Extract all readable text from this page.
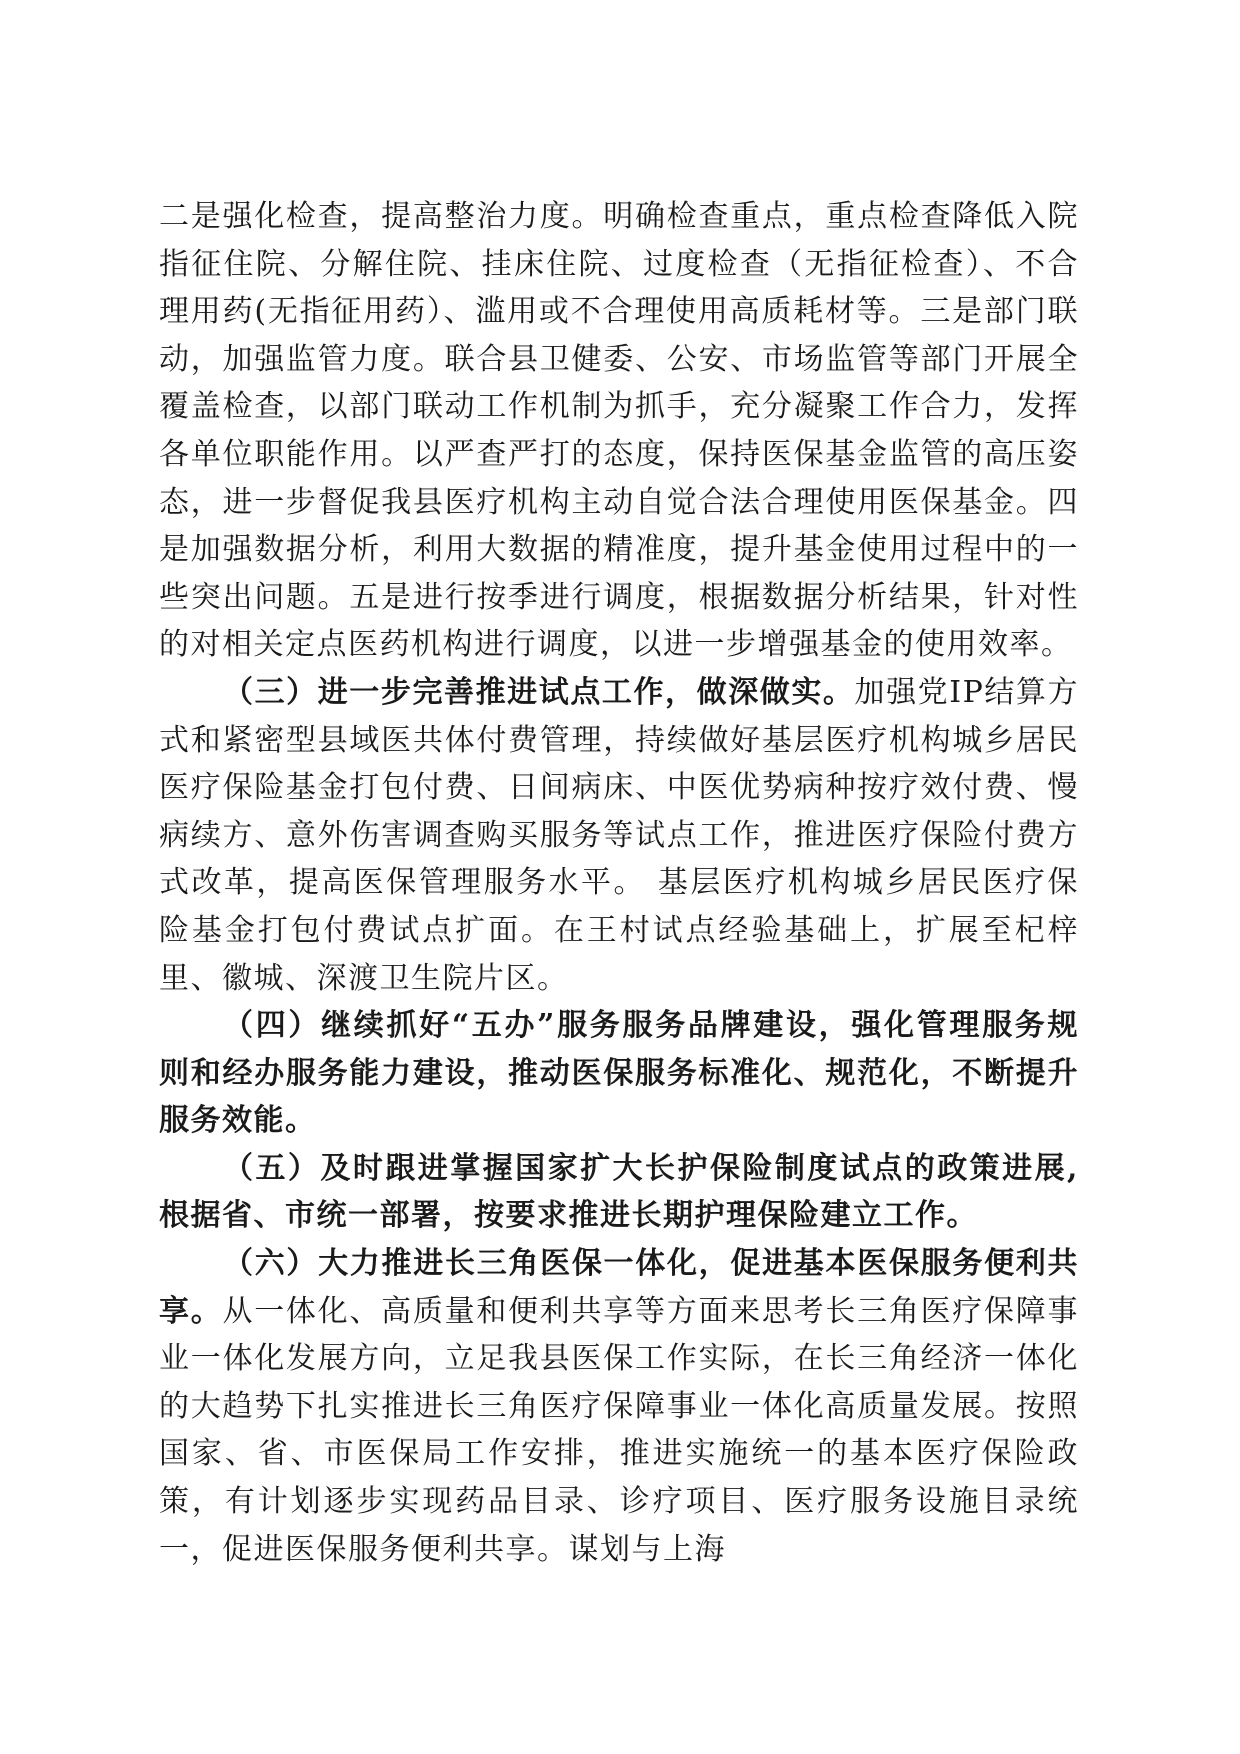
二是强化检查，提高整治力度。明确检查重点，重点检查降低入院指征住院、分解住院、挂床住院、过度检查（无指征检查）、不合理用药(无指征用药）、滥用或不合理使用高质耗材等。三是部门联动，加强监管力度。联合县卫健委、公安、市场监管等部门开展全覆盖检查，以部门联动工作机制为抓手，充分凝聚工作合力，发挥各单位职能作用。以严查严打的态度，保持医保基金监管的高压姿态，进一步督促我县医疗机构主动自觉合法合理使用医保基金。四是加强数据分析，利用大数据的精准度，提升基金使用过程中的一些突出问题。五是进行按季进行调度，根据数据分析结果，针对性的对相关定点医药机构进行调度，以进一步增强基金的使用效率。

（三）进一步完善推进试点工作，做深做实。加强党IP结算方式和紧密型县域医共体付费管理，持续做好基层医疗机构城乡居民医疗保险基金打包付费、日间病床、中医优势病种按疗效付费、慢病续方、意外伤害调查购买服务等试点工作，推进医疗保险付费方式改革，提高医保管理服务水平。 基层医疗机构城乡居民医疗保险基金打包付费试点扩面。在王村试点经验基础上，扩展至杞梓里、徽城、深渡卫生院片区。

（四）继续抓好“五办”服务服务品牌建设，强化管理服务规则和经办服务能力建设，推动医保服务标准化、规范化，不断提升服务效能。

（五）及时跟进掌握国家扩大长护保险制度试点的政策进展,根据省、市统一部署，按要求推进长期护理保险建立工作。

（六）大力推进长三角医保一体化，促进基本医保服务便利共享。从一体化、高质量和便利共享等方面来思考长三角医疗保障事业一体化发展方向，立足我县医保工作实际，在长三角经济一体化的大趋势下扎实推进长三角医疗保障事业一体化高质量发展。按照国家、省、市医保局工作安排，推进实施统一的基本医疗保险政策，有计划逐步实现药品目录、诊疗项目、医疗服务设施目录统一，促进医保服务便利共享。谋划与上海
